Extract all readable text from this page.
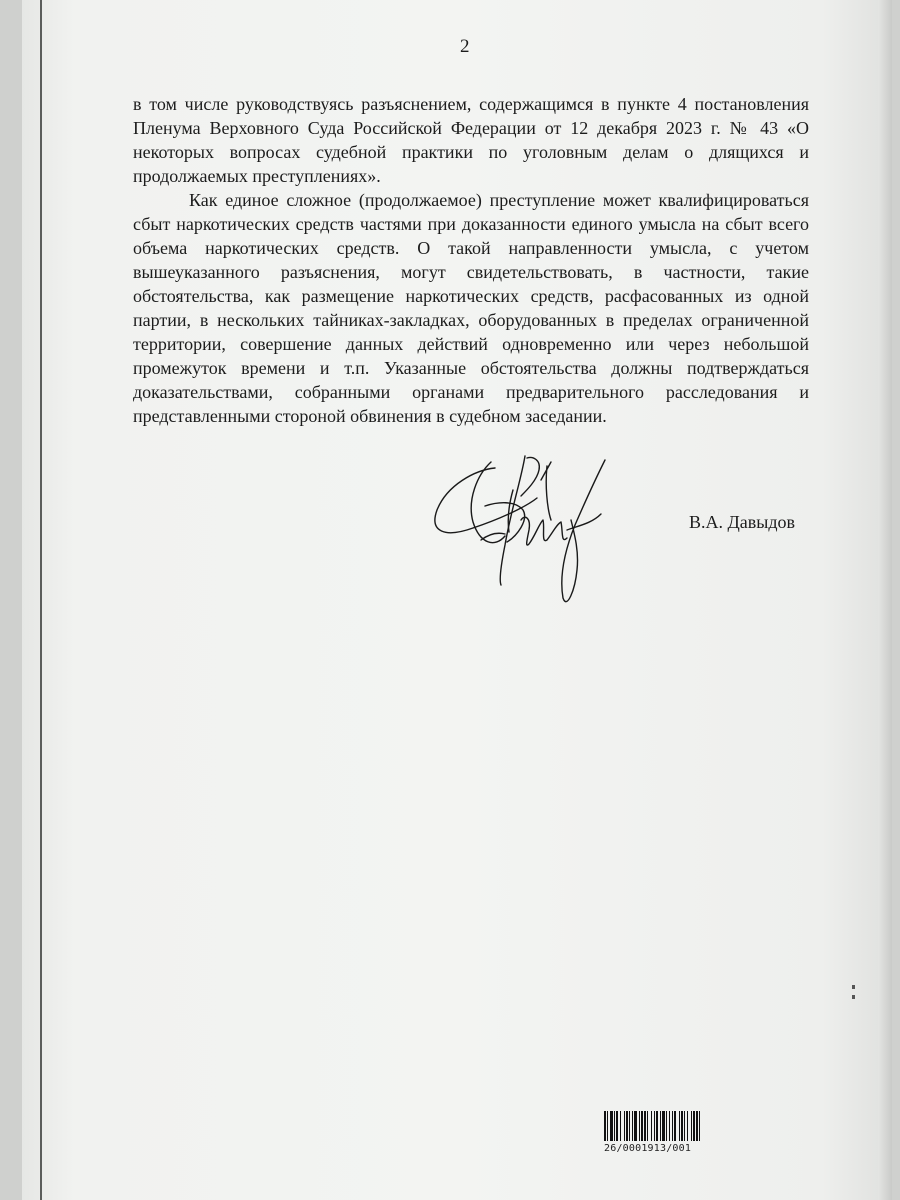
2

в том числе руководствуясь разъяснением, содержащимся в пункте 4 постановления Пленума Верховного Суда Российской Федерации от 12 декабря 2023 г. № 43 «О некоторых вопросах судебной практики по уголовным делам о длящихся и продолжаемых преступлениях».

Как единое сложное (продолжаемое) преступление может квалифицироваться сбыт наркотических средств частями при доказанности единого умысла на сбыт всего объема наркотических средств. О такой направленности умысла, с учетом вышеуказанного разъяснения, могут свидетельствовать, в частности, такие обстоятельства, как размещение наркотических средств, расфасованных из одной партии, в нескольких тайниках-закладках, оборудованных в пределах ограниченной территории, совершение данных действий одновременно или через небольшой промежуток времени и т.п. Указанные обстоятельства должны подтверждаться доказательствами, собранными органами предварительного расследования и представленными стороной обвинения в судебном заседании.

В.А. Давыдов
26/0001913/001
